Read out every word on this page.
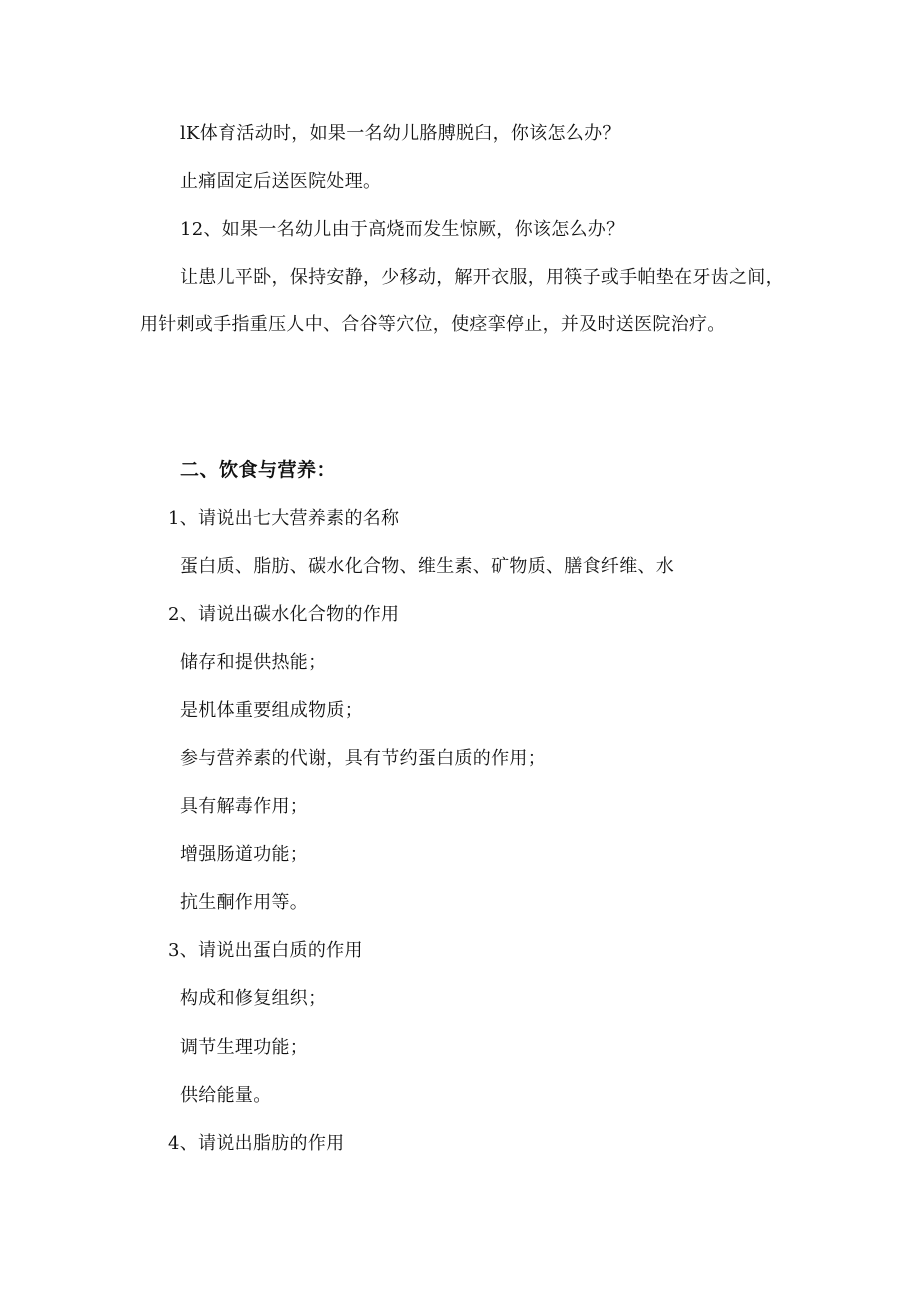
lK体育活动时，如果一名幼儿胳膊脱臼，你该怎么办？
止痛固定后送医院处理。
12、如果一名幼儿由于高烧而发生惊厥，你该怎么办？
让患儿平卧，保持安静，少移动，解开衣服，用筷子或手帕垫在牙齿之间，用针刺或手指重压人中、合谷等穴位，使痉挛停止，并及时送医院治疗。
二、饮食与营养：
1、请说出七大营养素的名称
蛋白质、脂肪、碳水化合物、维生素、矿物质、膳食纤维、水
2、请说出碳水化合物的作用
储存和提供热能；
是机体重要组成物质；
参与营养素的代谢，具有节约蛋白质的作用；
具有解毒作用；
增强肠道功能；
抗生酮作用等。
3、请说出蛋白质的作用
构成和修复组织；
调节生理功能；
供给能量。
4、请说出脂肪的作用
